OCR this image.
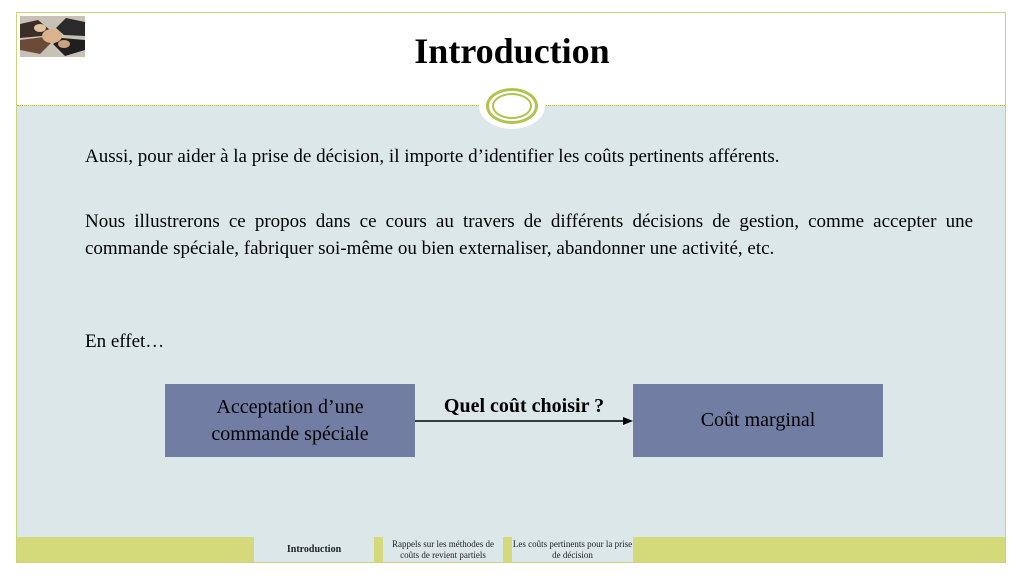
Introduction
Aussi, pour aider à la prise de décision, il importe d’identifier les coûts pertinents afférents.
Nous illustrerons ce propos dans ce cours au travers de différents décisions de gestion, comme accepter une commande spéciale, fabriquer soi-même ou bien externaliser, abandonner une activité, etc.
En effet…
Acceptation d’une commande spéciale
Quel coût choisir ?
Coût marginal
Introduction
Rappels sur les méthodes de coûts de revient partiels
Les coûts pertinents pour la prise de décision
